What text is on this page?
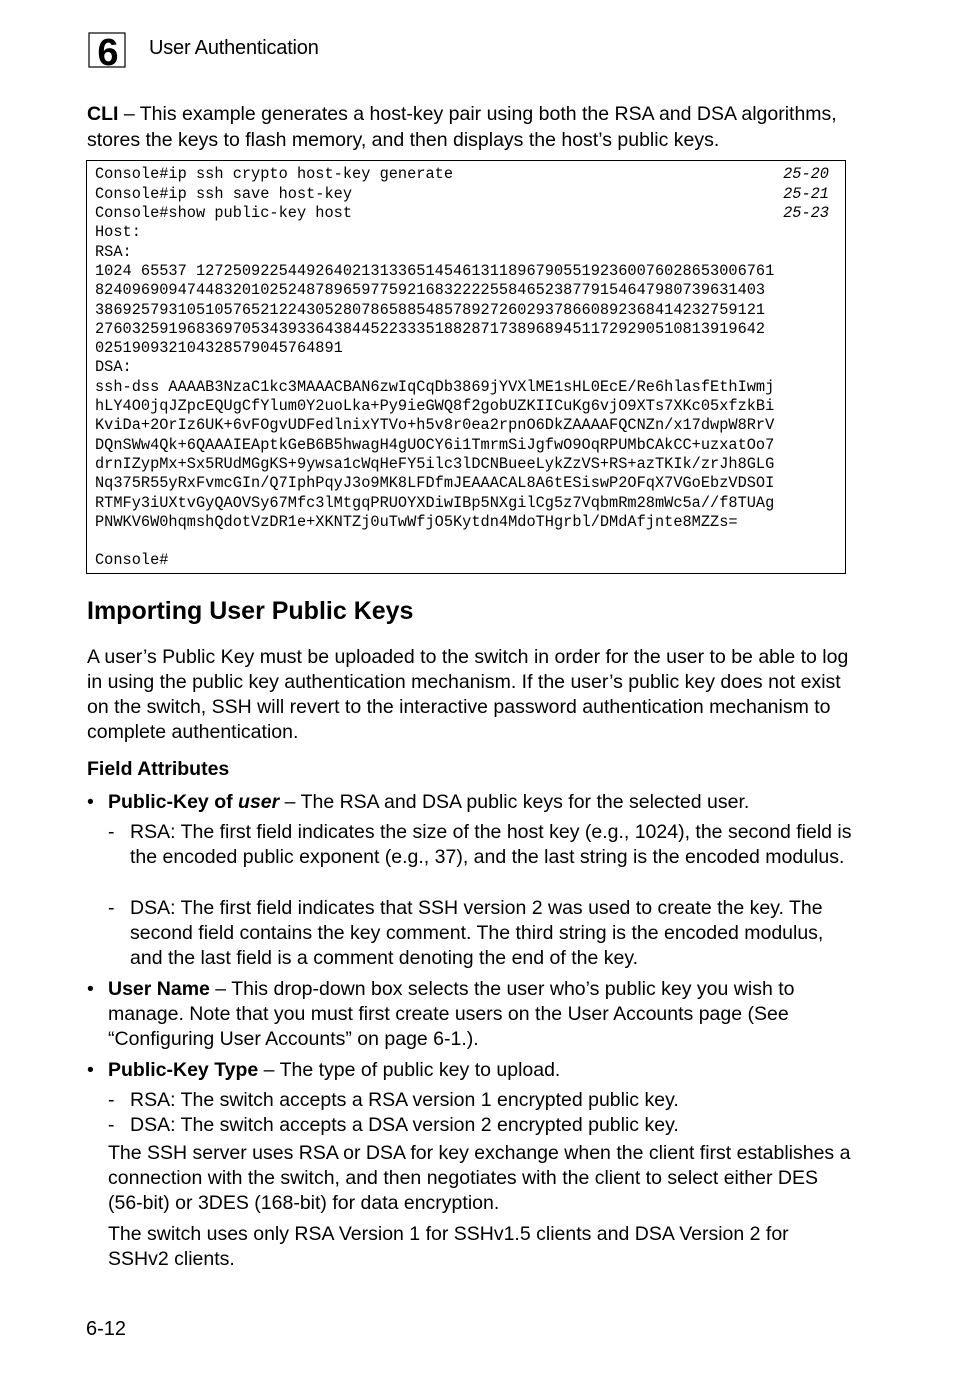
6 User Authentication
CLI – This example generates a host-key pair using both the RSA and DSA algorithms, stores the keys to flash memory, and then displays the host’s public keys.
Console#ip ssh crypto host-key generate
Console#ip ssh save host-key
Console#show public-key host
Host:
RSA:
1024 65537 127250922544926402131336514546131189679055192360076028653006761
8240969094744832010252487896597759216832222558465238779154647980739631403
3869257931051057652122430528078658854857892726029378660892368414232759121
2760325919683697053439336438445223335188287173896894511729290510813919642
025190932104328579045764891
DSA:
ssh-dss AAAAB3NzaC1kc3MAAACBAN6zwIqCqDb3869jYVXlME1sHL0EcE/Re6hlasfEthIwmj
hLY4O0jqJZpcEQUgCfYlum0Y2uoLka+Py9ieGWQ8f2gobUZKIICuKg6vjO9XTs7XKc05xfzkBi
KviDa+2OrIz6UK+6vFOgvUDFedlnixYTVo+h5v8r0ea2rpnO6DkZAAAAFQCNZn/x17dwpW8RrV
DQnSWw4Qk+6QAAAIEAptkGeB6B5hwagH4gUOCY6i1TmrmSiJgfwO9OqRPUMbCAkCC+uzxatOo7
drnIZypMx+Sx5RUdMGgKS+9ywsa1cWqHeFY5ilc3lDCNBueeLykZzVS+RS+azTKIk/zrJh8GLG
Nq375R55yRxFvmcGIn/Q7IphPqyJ3o9MK8LFDfmJEAAACAL8A6tESiswP2OFqX7VGoEbzVDSOI
RTMFy3iUXtvGyQAOVSy67Mfc3lMtgqPRUOYXDiwIBp5NXgilCg5z7VqbmRm28mWc5a//f8TUAg
PNWKV6W0hqmshQdotVzDR1e+XKNTZj0uTwWfjO5Kytdn4MdoTHgrbl/DMdAfjnte8MZZs=
Console#
25-20
25-21
25-23
Importing User Public Keys
A user’s Public Key must be uploaded to the switch in order for the user to be able to log in using the public key authentication mechanism. If the user’s public key does not exist on the switch, SSH will revert to the interactive password authentication mechanism to complete authentication.
Field Attributes
• Public-Key of user – The RSA and DSA public keys for the selected user.
- RSA: The first field indicates the size of the host key (e.g., 1024), the second field is the encoded public exponent (e.g., 37), and the last string is the encoded modulus.
- DSA: The first field indicates that SSH version 2 was used to create the key. The second field contains the key comment. The third string is the encoded modulus, and the last field is a comment denoting the end of the key.
• User Name – This drop-down box selects the user who’s public key you wish to manage. Note that you must first create users on the User Accounts page (See “Configuring User Accounts” on page 6-1.).
• Public-Key Type – The type of public key to upload.
- RSA: The switch accepts a RSA version 1 encrypted public key.
- DSA: The switch accepts a DSA version 2 encrypted public key.
The SSH server uses RSA or DSA for key exchange when the client first establishes a connection with the switch, and then negotiates with the client to select either DES (56-bit) or 3DES (168-bit) for data encryption.
The switch uses only RSA Version 1 for SSHv1.5 clients and DSA Version 2 for SSHv2 clients.
6-12
